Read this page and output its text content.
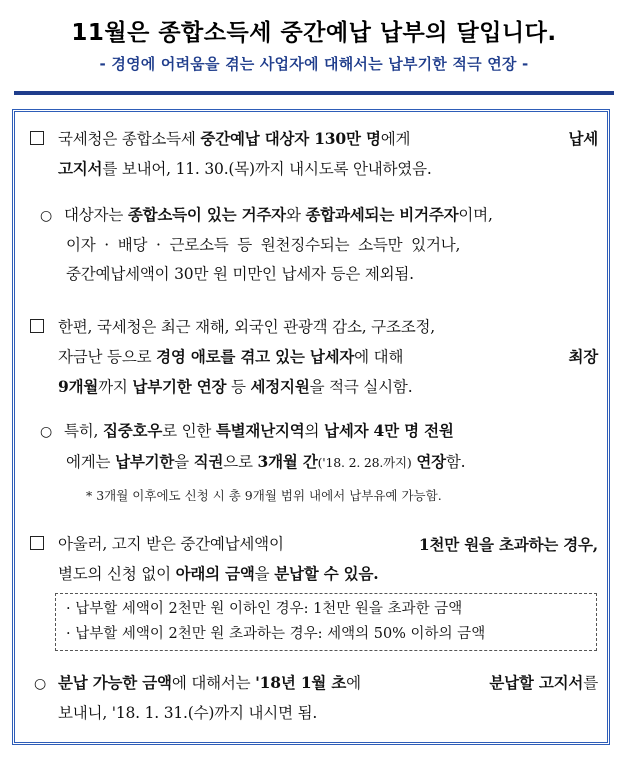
11월은 종합소득세 중간예납 납부의 달입니다.
- 경영에 어려움을 겪는 사업자에 대해서는 납부기한 적극 연장 -
국세청은 종합소득세 중간예납 대상자 130만 명에게	납세
고지서를 보내어, 11. 30.(목)까지 내시도록 안내하였음.
○ 대상자는 종합소득이 있는 거주자와 종합과세되는 비거주자이며,
이자 · 배당 · 근로소득 등 원천징수되는 소득만 있거나,
중간예납세액이 30만 원 미만인 납세자 등은 제외됨.
한편, 국세청은 최근 재해, 외국인 관광객 감소, 구조조정,
자금난 등으로 경영 애로를 겪고 있는 납세자에 대해	최장
9개월까지 납부기한 연장 등 세정지원을 적극 실시함.
○ 특히, 집중호우로 인한 특별재난지역의 납세자 4만 명 전원
에게는 납부기한을 직권으로 3개월 간('18. 2. 28.까지) 연장함.
* 3개월 이후에도 신청 시 총 9개월 범위 내에서 납부유예 가능함.
아울러, 고지 받은 중간예납세액이	1천만 원을 초과하는 경우,
별도의 신청 없이 아래의 금액을 분납할 수 있음.
· 납부할 세액이 2천만 원 이하인 경우: 1천만 원을 초과한 금액
· 납부할 세액이 2천만 원 초과하는 경우: 세액의 50% 이하의 금액
○ 분납 가능한 금액에 대해서는 '18년 1월 초에	분납할 고지서를
보내니, '18. 1. 31.(수)까지 내시면 됨.
